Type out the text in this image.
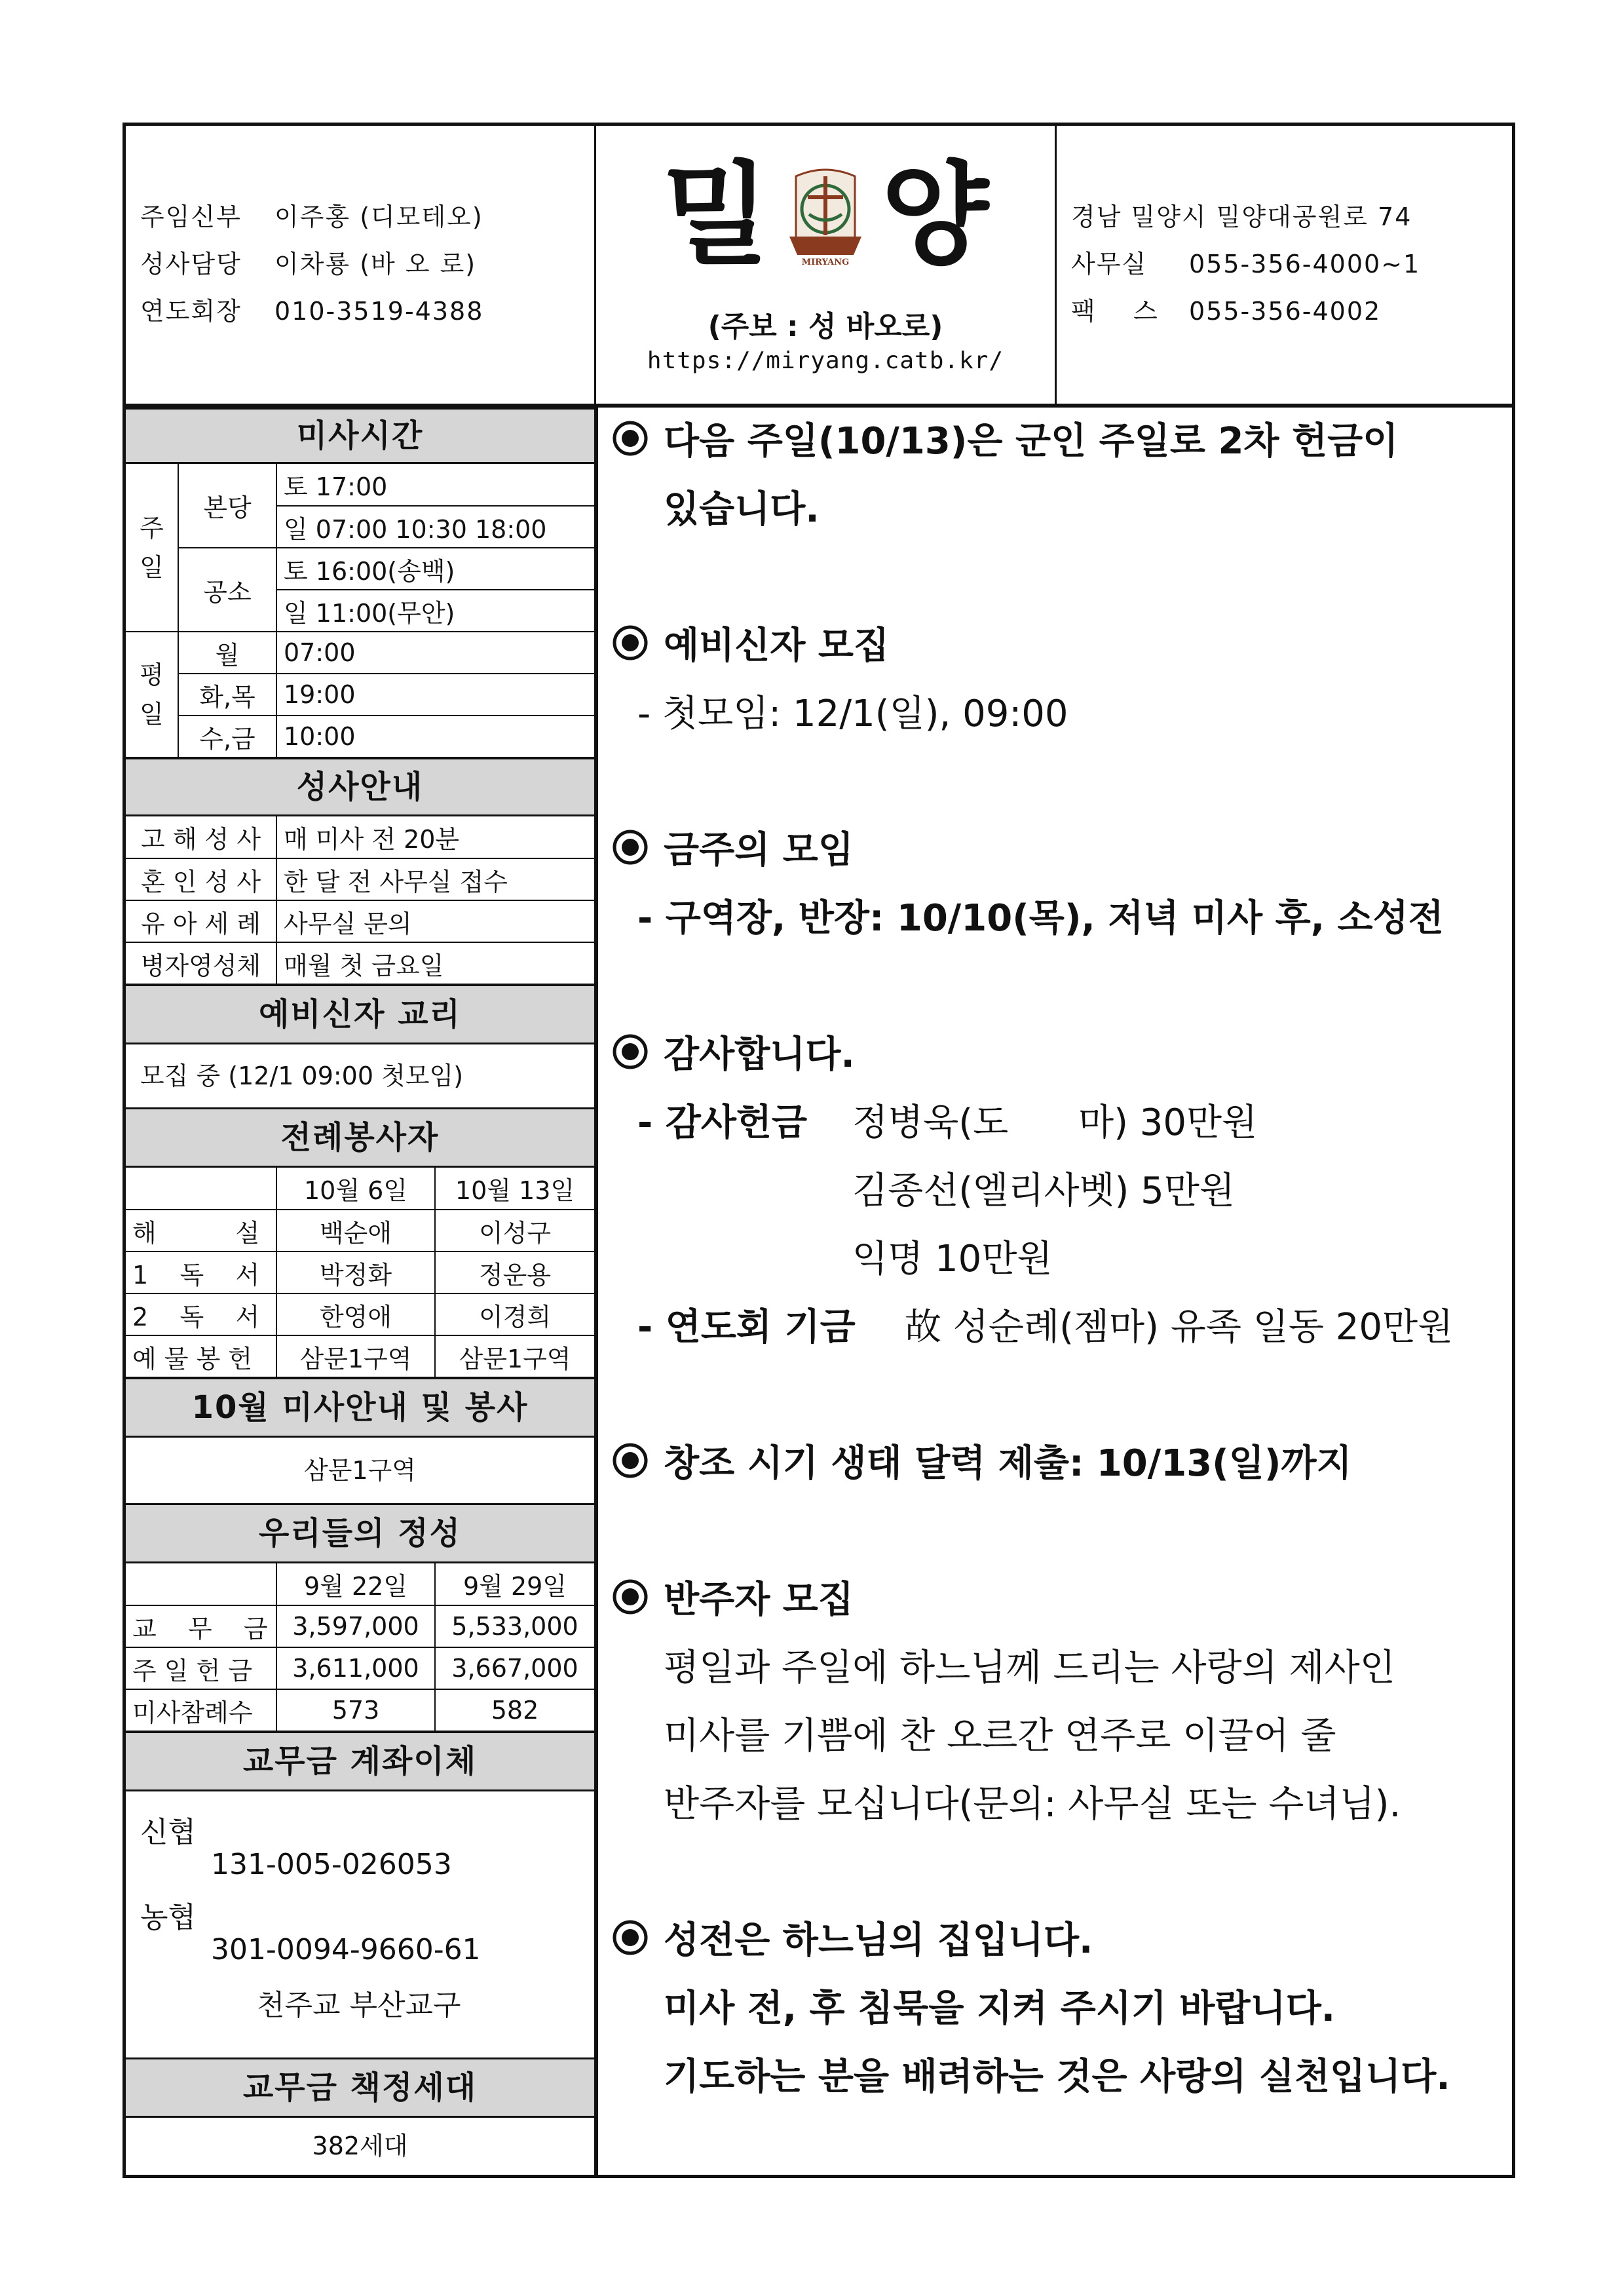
주임신부 이주홍 (디모테오)
성사담당 이차룡 (바 오 로)
연도회장 010-3519-4388
밀	MIRYANG 양
(주보 : 성 바오로)
https://miryang.catb.kr/
경남 밀양시 밀양대공원로 74
사무실 055-356-4000~1
팩    스 055-356-4002
미사시간
주
일	본당	토 17:00
		일 07:00 10:30 18:00
	공소	토 16:00(송백)
		일 11:00(무안)
평
일	월	07:00
	화,목	19:00
	수,금	10:00
성사안내
고 해 성 사	매 미사 전 20분
혼 인 성 사	한 달 전 사무실 접수
유 아 세 례	사무실 문의
병자영성체	매월 첫 금요일
예비신자 교리
모집 중 (12/1 09:00 첫모임)
전례봉사자
	10월 6일	10월 13일
해          설	백순애	이성구
1    독    서	박정화	정운용
2    독    서	한영애	이경희
예 물 봉 헌	삼문1구역	삼문1구역
10월 미사안내 및 봉사
삼문1구역
우리들의 정성
	9월 22일	9월 29일
교    무    금	3,597,000	5,533,000
주 일 헌 금	3,611,000	3,667,000
미사참례수	573	582
교무금 계좌이체
신협
131-005-026053
농협
301-0094-9660-61
천주교 부산교구
교무금 책정세대
382세대
다음 주일(10/13)은 군인 주일로 2차 헌금이
있습니다.
예비신자 모집
- 첫모임: 12/1(일), 09:00
금주의 모임
- 구역장, 반장: 10/10(목), 저녁 미사 후, 소성전
감사합니다.
- 감사헌금 정병욱(도      마) 30만원
김종선(엘리사벳) 5만원
익명 10만원
- 연도회 기금 故 성순례(젬마) 유족 일동 20만원
창조 시기 생태 달력 제출: 10/13(일)까지
반주자 모집
평일과 주일에 하느님께 드리는 사랑의 제사인
미사를 기쁨에 찬 오르간 연주로 이끌어 줄
반주자를 모십니다(문의: 사무실 또는 수녀님).
성전은 하느님의 집입니다.
미사 전, 후 침묵을 지켜 주시기 바랍니다.
기도하는 분을 배려하는 것은 사랑의 실천입니다.
